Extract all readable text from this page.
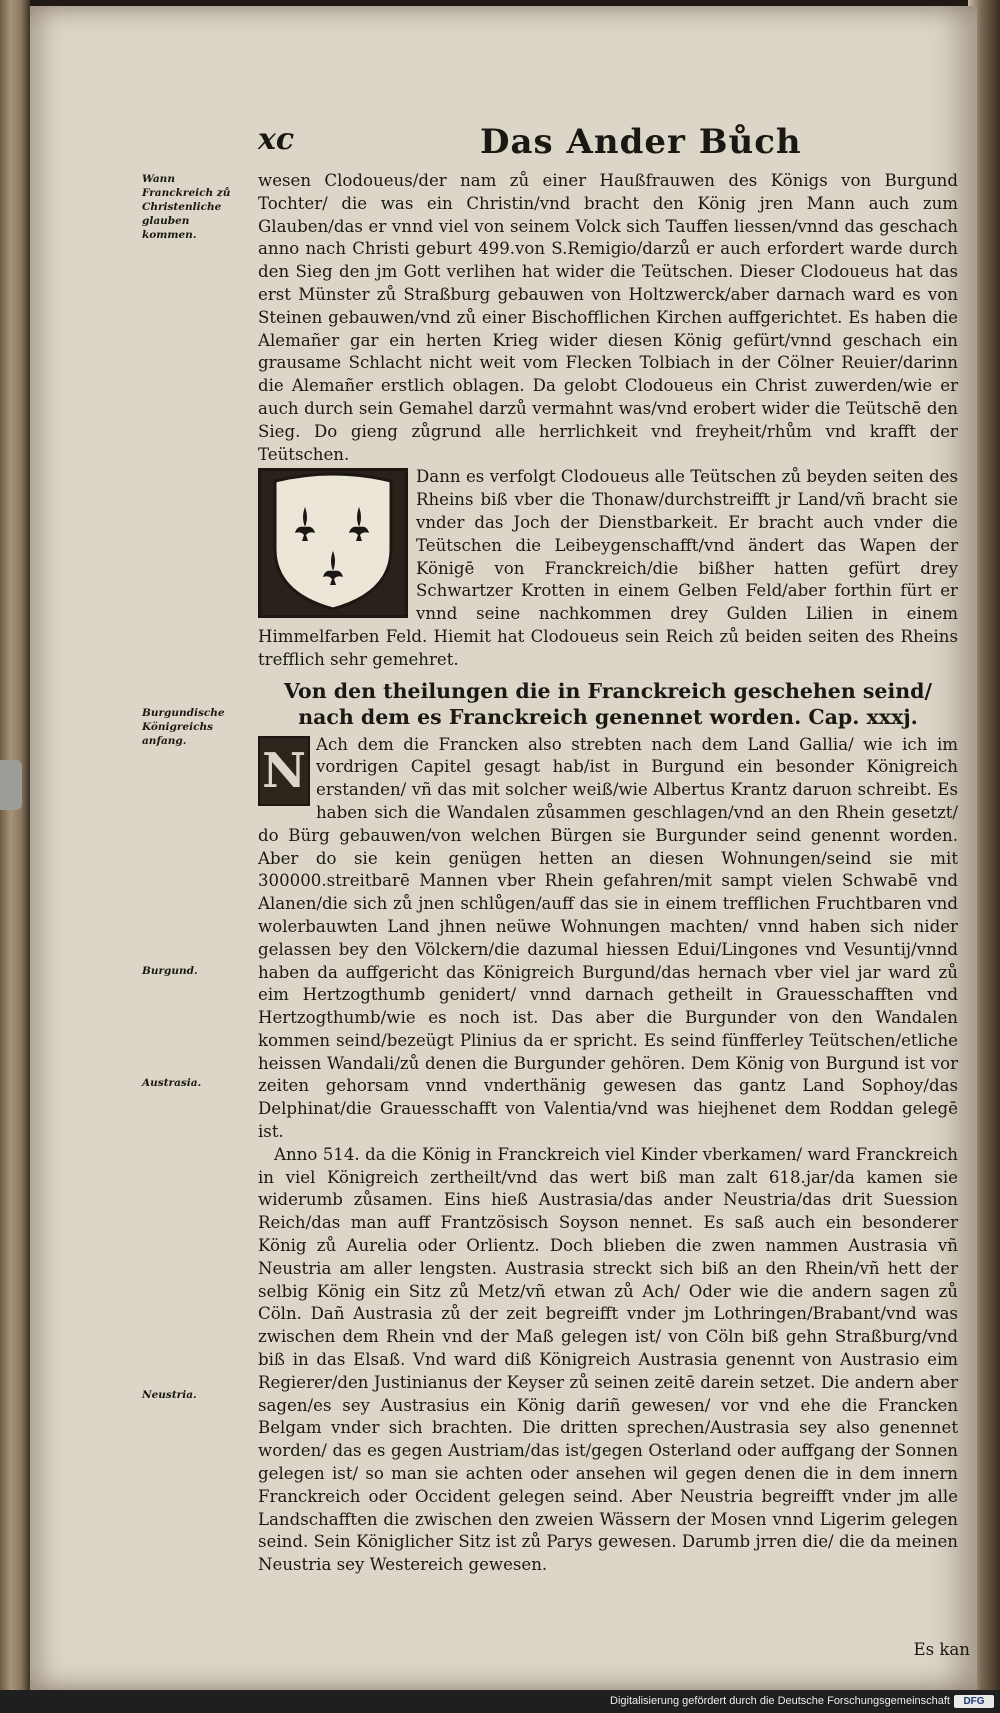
xc	Das Ander Bůch
Wann Franckreich zů Christenliche glauben kommen.
Burgundische Königreichs anfang.
Burgund.
Austrasia.
Neustria.

wesen Clodoueus/der nam zů einer Haußfrauwen des Königs von Burgund Tochter/ die was ein Christin/vnd bracht den König jren Mann auch zum Glauben/das er vnnd viel von seinem Volck sich Tauffen liessen/vnnd das geschach anno nach Christi geburt 499.von S.Remigio/darzů er auch erfordert warde durch den Sieg den jm Gott verlihen hat wider die Teütschen. Dieser Clodoueus hat das erst Münster zů Straßburg gebauwen von Holtzwerck/aber darnach ward es von Steinen gebauwen/vnd zů einer Bischofflichen Kirchen auffgerichtet. Es haben die Alemañer gar ein herten Krieg wider diesen König gefürt/vnnd geschach ein grausame Schlacht nicht weit vom Flecken Tolbiach in der Cölner Reuier/darinn die Alemañer erstlich oblagen. Da gelobt Clodoueus ein Christ zuwerden/wie er auch durch sein Gemahel darzů vermahnt was/vnd erobert wider die Teütschē den Sieg. Do gieng zůgrund alle herrlichkeit vnd freyheit/rhům vnd krafft der Teütschen.

Dann es verfolgt Clodoueus alle Teütschen zů beyden seiten des Rheins biß vber die Thonaw/durchstreifft jr Land/vñ bracht sie vnder das Joch der Dienstbarkeit. Er bracht auch vnder die Teütschen die Leibeygenschafft/vnd ändert das Wapen der Königē von Franckreich/die bißher hatten gefürt drey Schwartzer Krotten in einem Gelben Feld/aber forthin fürt er vnnd seine nachkommen drey Gulden Lilien in einem Himmelfarben Feld. Hiemit hat Clodoueus sein Reich zů beiden seiten des Rheins trefflich sehr gemehret.

Von den theilungen die in Franckreich geschehen seind/ nach dem es Franckreich genennet worden. Cap. xxxj.
N Ach dem die Francken also strebten nach dem Land Gallia/ wie ich im vordrigen Capitel gesagt hab/ist in Burgund ein besonder Königreich erstanden/ vñ das mit solcher weiß/wie Albertus Krantz daruon schreibt. Es haben sich die Wandalen zůsammen geschlagen/vnd an den Rhein gesetzt/ do Bürg gebauwen/von welchen Bürgen sie Burgunder seind genennt worden. Aber do sie kein genügen hetten an diesen Wohnungen/seind sie mit 300000.streitbarē Mannen vber Rhein gefahren/mit sampt vielen Schwabē vnd Alanen/die sich zů jnen schlůgen/auff das sie in einem trefflichen Fruchtbaren vnd wolerbauwten Land jhnen neüwe Wohnungen machten/ vnnd haben sich nider gelassen bey den Völckern/die dazumal hiessen Edui/Lingones vnd Vesuntij/vnnd haben da auffgericht das Königreich Burgund/das hernach vber viel jar ward zů eim Hertzogthumb genidert/ vnnd darnach getheilt in Grauesschafften vnd Hertzogthumb/wie es noch ist. Das aber die Burgunder von den Wandalen kommen seind/bezeügt Plinius da er spricht. Es seind fünfferley Teütschen/etliche heissen Wandali/zů denen die Burgunder gehören. Dem König von Burgund ist vor zeiten gehorsam vnnd vnderthänig gewesen das gantz Land Sophoy/das Delphinat/die Grauesschafft von Valentia/vnd was hiejhenet dem Roddan gelegē ist.

Anno 514. da die König in Franckreich viel Kinder vberkamen/ ward Franckreich in viel Königreich zertheilt/vnd das wert biß man zalt 618.jar/da kamen sie widerumb zůsamen. Eins hieß Austrasia/das ander Neustria/das drit Suession Reich/das man auff Frantzösisch Soyson nennet. Es saß auch ein besonderer König zů Aurelia oder Orlientz. Doch blieben die zwen nammen Austrasia vñ Neustria am aller lengsten. Austrasia streckt sich biß an den Rhein/vñ hett der selbig König ein Sitz zů Metz/vñ etwan zů Ach/ Oder wie die andern sagen zů Cöln. Dañ Austrasia zů der zeit begreifft vnder jm Lothringen/Brabant/vnd was zwischen dem Rhein vnd der Maß gelegen ist/ von Cöln biß gehn Straßburg/vnd biß in das Elsaß. Vnd ward diß Königreich Austrasia genennt von Austrasio eim Regierer/den Justinianus der Keyser zů seinen zeitē darein setzet. Die andern aber sagen/es sey Austrasius ein König dariñ gewesen/ vor vnd ehe die Francken Belgam vnder sich brachten. Die dritten sprechen/Austrasia sey also genennet worden/ das es gegen Austriam/das ist/gegen Osterland oder auffgang der Sonnen gelegen ist/ so man sie achten oder ansehen wil gegen denen die in dem innern Franckreich oder Occident gelegen seind. Aber Neustria begreifft vnder jm alle Landschafften die zwischen den zweien Wässern der Mosen vnnd Ligerim gelegen seind. Sein Königlicher Sitz ist zů Parys gewesen. Darumb jrren die/ die da meinen Neustria sey Westereich gewesen.

Es kan
Digitalisierung gefördert durch die Deutsche Forschungsgemeinschaft	DFG
